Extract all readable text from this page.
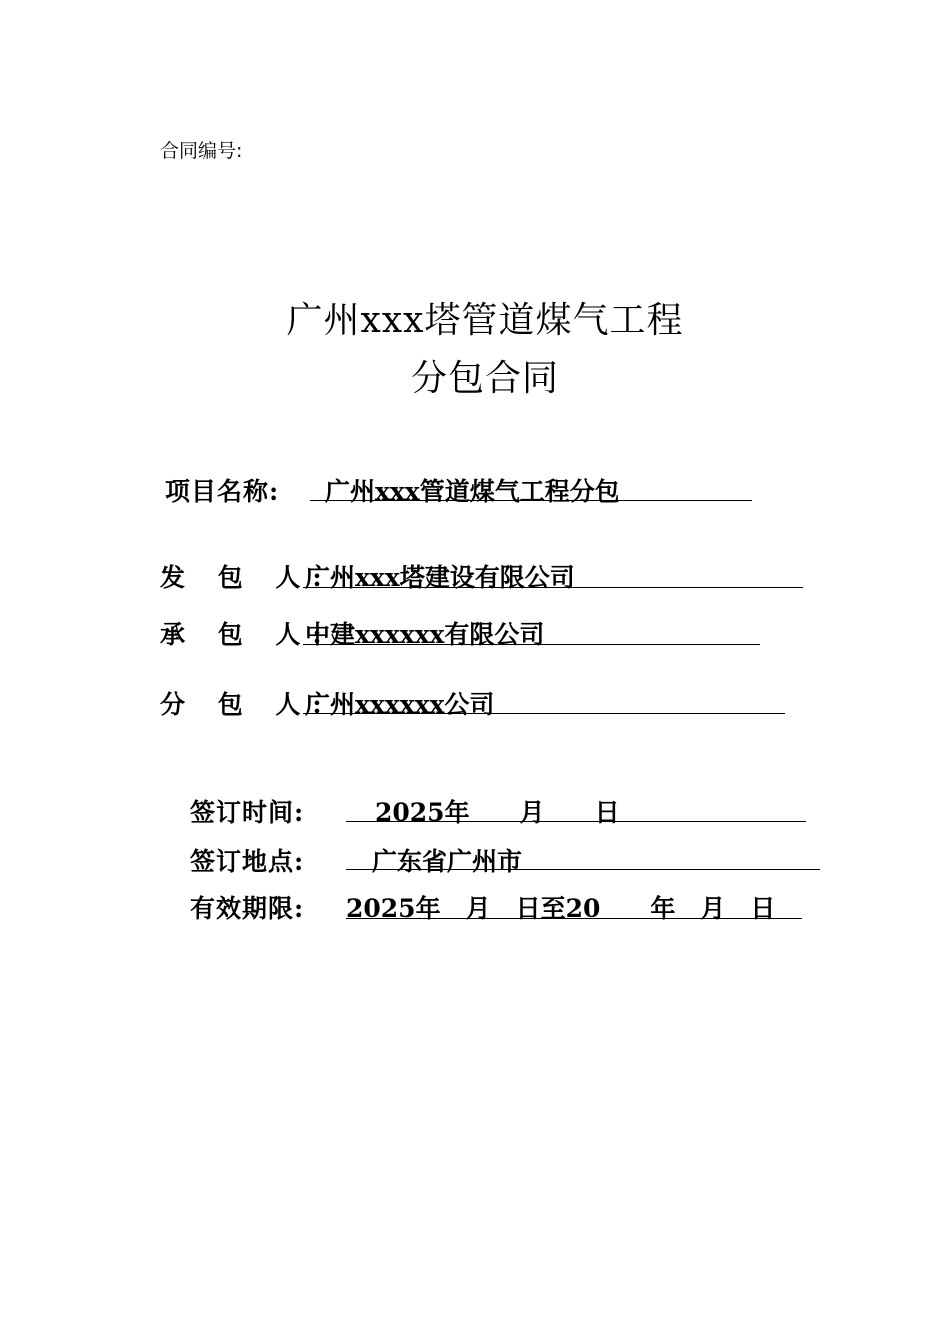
合同编号:
广州xxx塔管道煤气工程
分包合同
项目名称: 广州xxx管道煤气工程分包
发 包 人:
广州xxx塔建设有限公司
承 包 人:
中建xxxxxx有限公司
分 包 人:
广州xxxxxx公司
签订时间:	2025年　　月　　日
签订地点:	广东省广州市
有效期限: 2025年　月　日至20　　年　月　日
